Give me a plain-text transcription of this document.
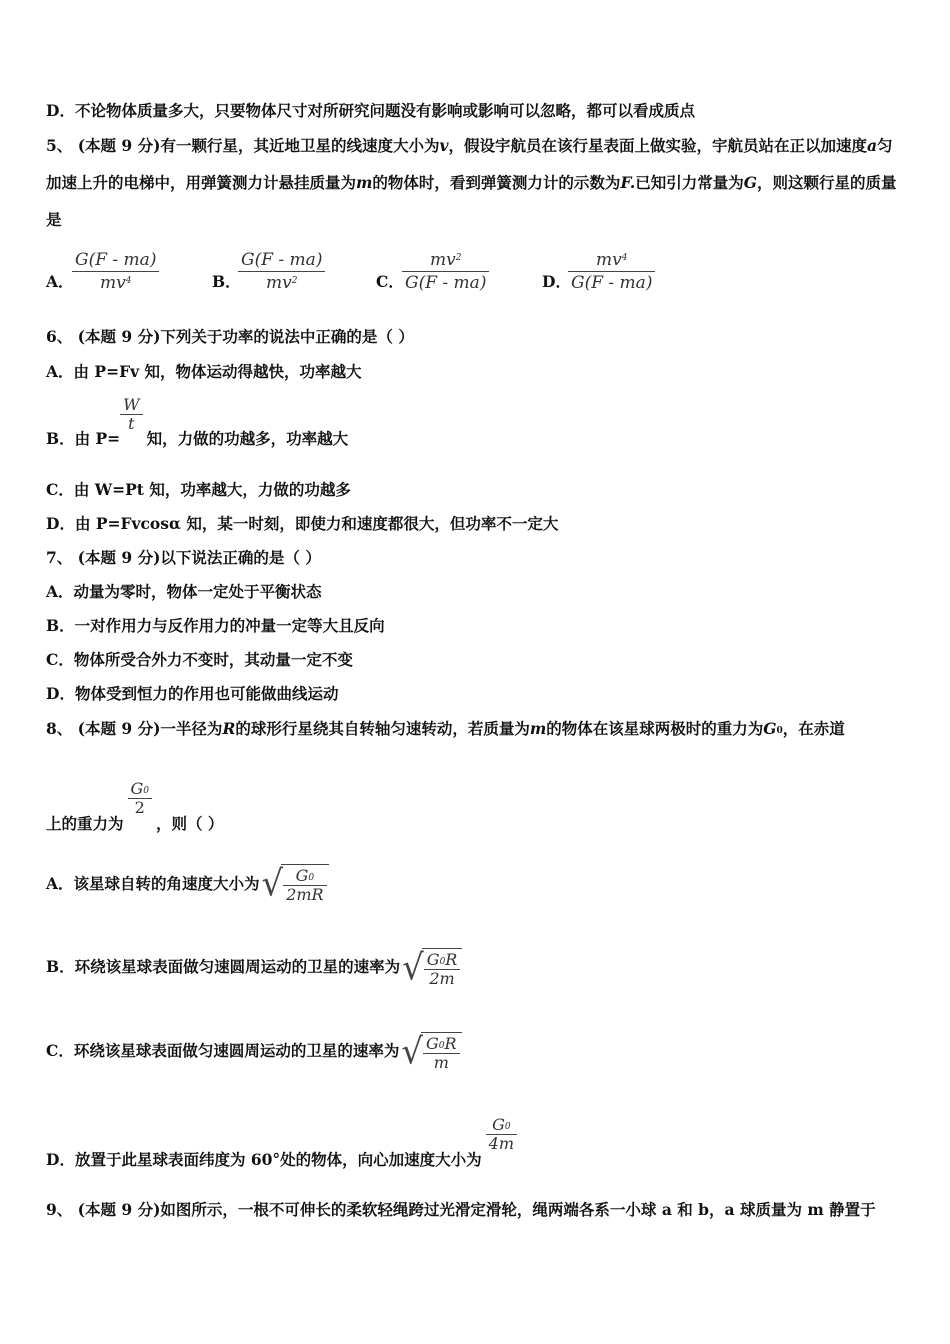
D．不论物体质量多大，只要物体尺寸对所研究问题没有影响或影响可以忽略，都可以看成质点
5、 (本题 9 分)有一颗行星，其近地卫星的线速度大小为v，假设宇航员在该行星表面上做实验，宇航员站在正以加速度a匀加速上升的电梯中，用弹簧测力计悬挂质量为m的物体时，看到弹簧测力计的示数为F.已知引力常量为G，则这颗行星的质量是
A．
$\frac{G(F - ma)}{mv^4}$	B．
$\frac{G(F - ma)}{mv^2}$	C．
$\frac{mv^2}{G(F - ma)}$	D．
$\frac{mv^4}{G(F - ma)}$
6、 (本题 9 分)下列关于功率的说法中正确的是（ ）
A．由 P=Fv 知，物体运动得越快，功率越大
B．由 P=
$\frac{W}{t}$
知，力做的功越多，功率越大
C．由 W=Pt 知，功率越大，力做的功越多
D．由 P=Fvcosα 知，某一时刻，即使力和速度都很大，但功率不一定大
7、 (本题 9 分)以下说法正确的是（ ）
A．动量为零时，物体一定处于平衡状态
B．一对作用力与反作用力的冲量一定等大且反向
C．物体所受合外力不变时，其动量一定不变
D．物体受到恒力的作用也可能做曲线运动
8、 (本题 9 分)一半径为R的球形行星绕其自转轴匀速转动，若质量为m的物体在该星球两极时的重力为$G_0$，在赤道
上的重力为
$\frac{G_0}{2}$
，则（ ）
A．该星球自转的角速度大小为√ $\frac{G_0}{2mR}$
B．环绕该星球表面做匀速圆周运动的卫星的速率为√ $\frac{G_0R}{2m}$
C．环绕该星球表面做匀速圆周运动的卫星的速率为√ $\frac{G_0R}{m}$
D．放置于此星球表面纬度为 60°处的物体，向心加速度大小为
$\frac{G_0}{4m}$
9、 (本题 9 分)如图所示，一根不可伸长的柔软轻绳跨过光滑定滑轮，绳两端各系一小球 a 和 b，a 球质量为 m 静置于
